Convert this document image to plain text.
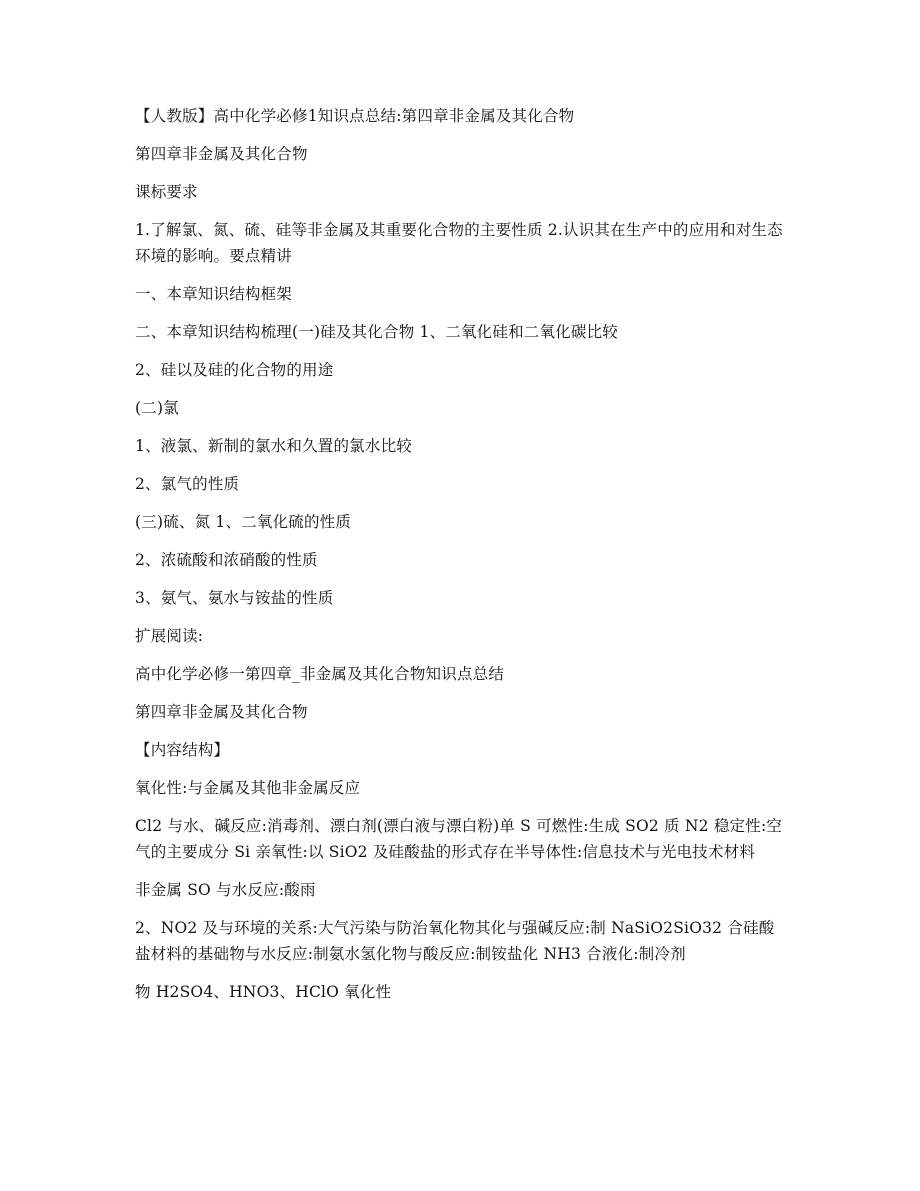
【人教版】高中化学必修1知识点总结:第四章非金属及其化合物

第四章非金属及其化合物

课标要求

1.了解氯、氮、硫、硅等非金属及其重要化合物的主要性质 2.认识其在生产中的应用和对生态环境的影响。要点精讲

一、本章知识结构框架

二、本章知识结构梳理(一)硅及其化合物 1、二氧化硅和二氧化碳比较

2、硅以及硅的化合物的用途

(二)氯

1、液氯、新制的氯水和久置的氯水比较

2、氯气的性质

(三)硫、氮 1、二氧化硫的性质

2、浓硫酸和浓硝酸的性质

3、氨气、氨水与铵盐的性质

扩展阅读:

高中化学必修一第四章_非金属及其化合物知识点总结

第四章非金属及其化合物

【内容结构】

氧化性:与金属及其他非金属反应

Cl2 与水、碱反应:消毒剂、漂白剂(漂白液与漂白粉)单 S 可燃性:生成 SO2 质 N2 稳定性:空气的主要成分 Si 亲氧性:以 SiO2 及硅酸盐的形式存在半导体性:信息技术与光电技术材料

非金属 SO 与水反应:酸雨

2、NO2 及与环境的关系:大气污染与防治氧化物其化与强碱反应:制 NaSiO2SiO32 合硅酸盐材料的基础物与水反应:制氨水氢化物与酸反应:制铵盐化 NH3 合液化:制冷剂

物 H2SO4、HNO3、HClO 氧化性
